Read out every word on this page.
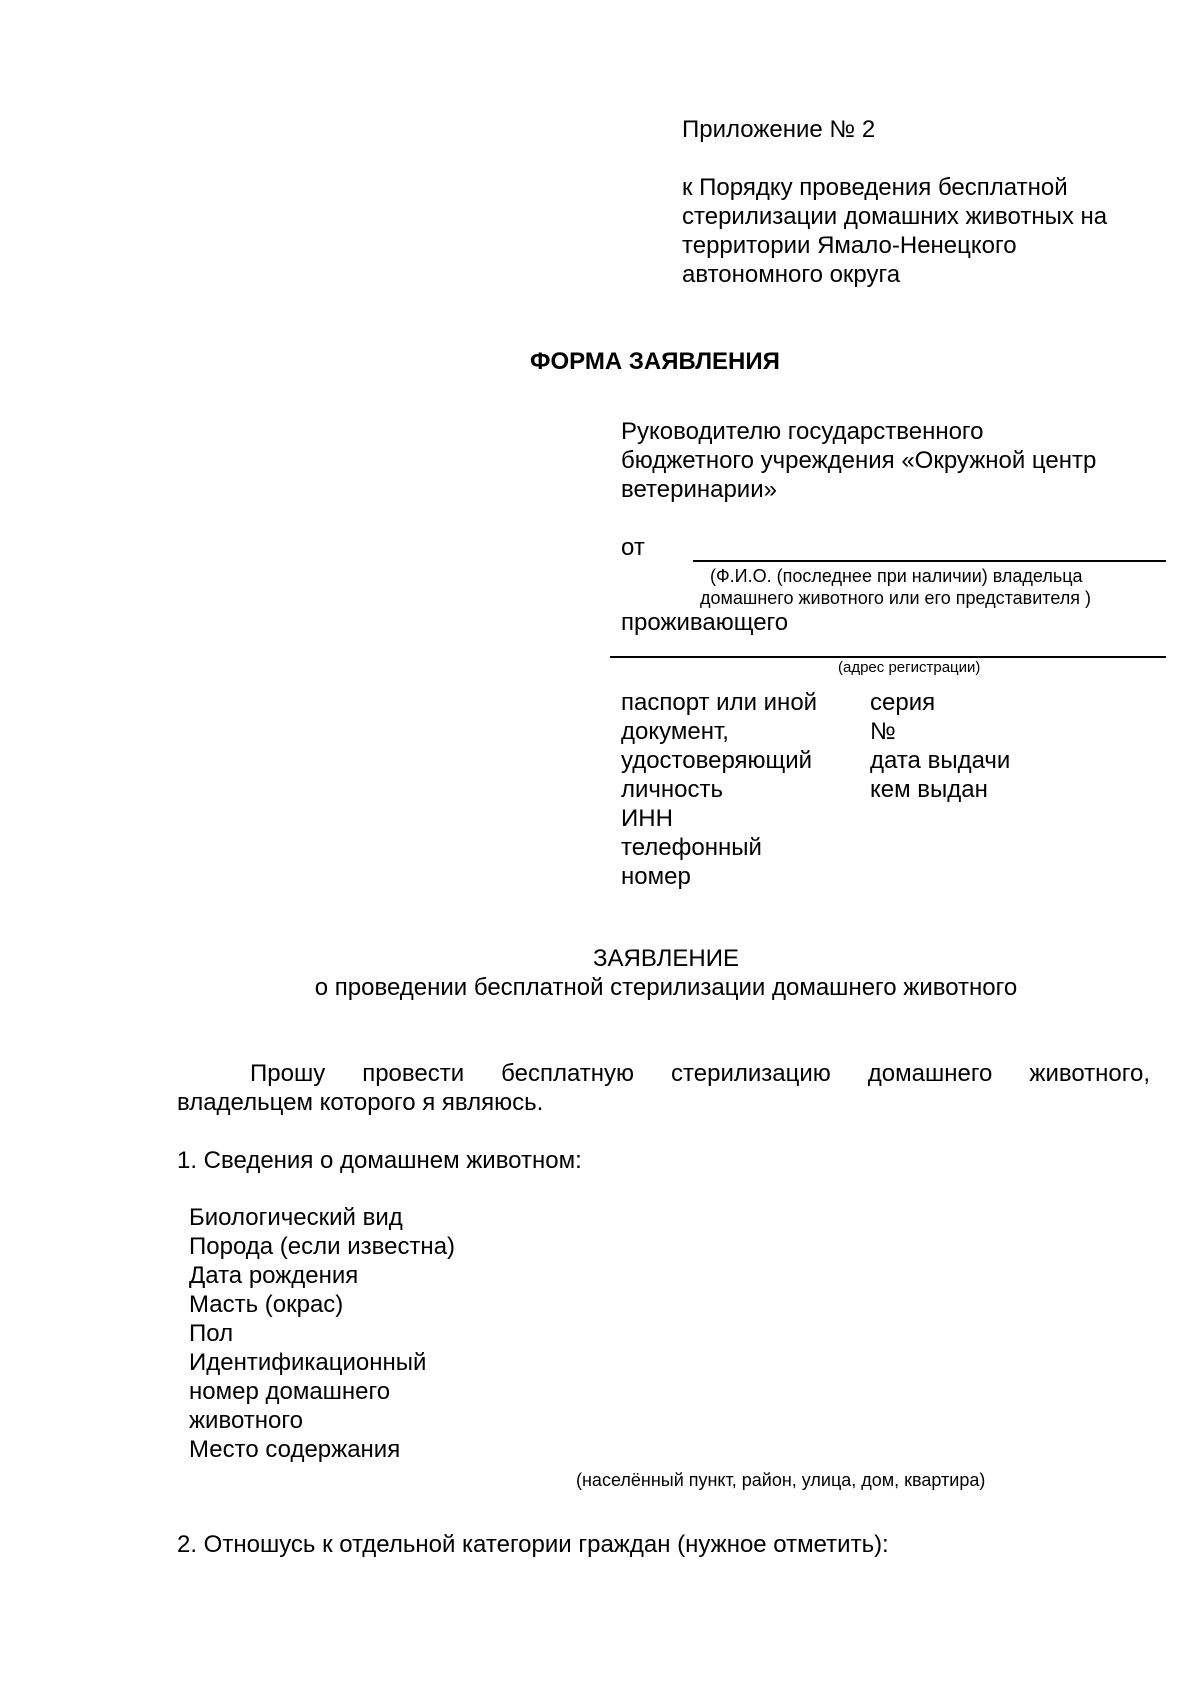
Приложение № 2
к Порядку проведения бесплатной
стерилизации домашних животных на
территории Ямало-Ненецкого
автономного округа
ФОРМА ЗАЯВЛЕНИЯ
Руководителю государственного
бюджетного учреждения «Окружной центр
ветеринарии»
от
(Ф.И.О. (последнее при наличии) владельца
домашнего животного или его представителя )
проживающего
(адрес регистрации)
паспорт или иной
документ,
удостоверяющий
личность
ИНН
телефонный
номер
серия
№
дата выдачи
кем выдан
ЗАЯВЛЕНИЕ
о проведении бесплатной стерилизации домашнего животного
Прошу провести бесплатную стерилизацию домашнего животного,
владельцем которого я являюсь.
1. Сведения о домашнем животном:
Биологический вид
Порода (если известна)
Дата рождения
Масть (окрас)
Пол
Идентификационный
номер домашнего
животного
Место содержания
(населённый пункт, район, улица, дом, квартира)
2. Отношусь к отдельной категории граждан (нужное отметить):
